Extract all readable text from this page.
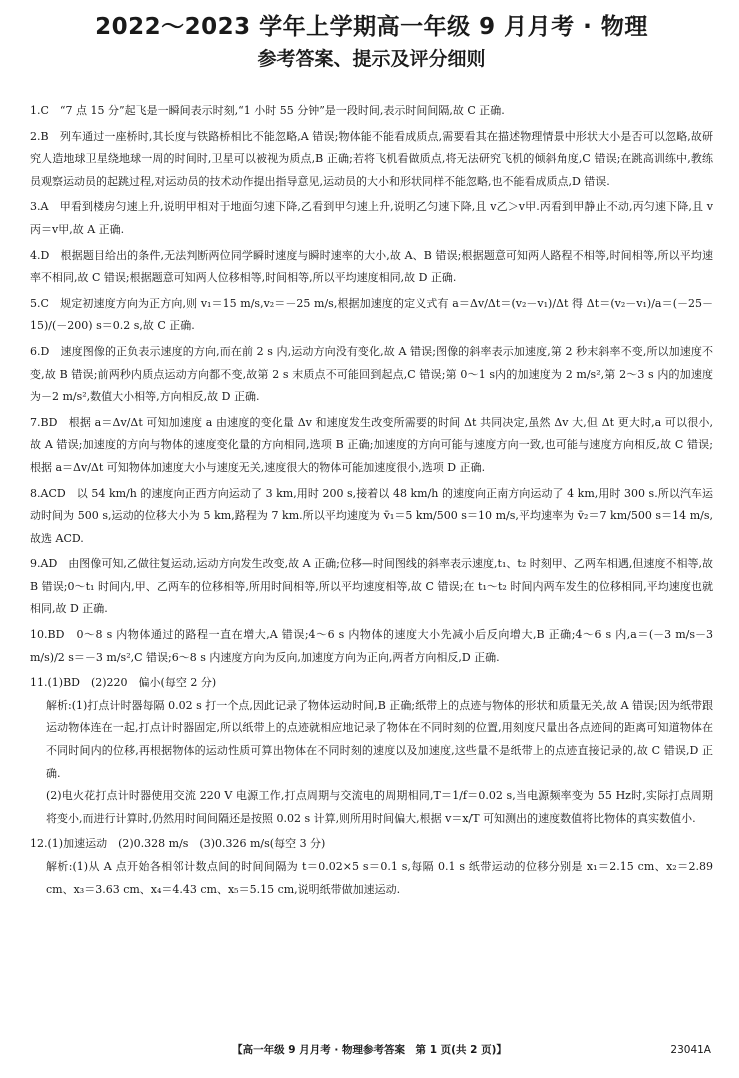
2022～2023 学年上学期高一年级 9 月月考 · 物理
参考答案、提示及评分细则

1.C　“7 点 15 分”起飞是一瞬间表示时刻,“1 小时 55 分钟”是一段时间,表示时间间隔,故 C 正确.

2.B　列车通过一座桥时,其长度与铁路桥相比不能忽略,A 错误;物体能不能看成质点,需要看其在描述物理情景中形状大小是否可以忽略,故研究人造地球卫星绕地球一周的时间时,卫星可以被视为质点,B 正确;若将飞机看做质点,将无法研究飞机的倾斜角度,C 错误;在跳高训练中,教练员观察运动员的起跳过程,对运动员的技术动作提出指导意见,运动员的大小和形状同样不能忽略,也不能看成质点,D 错误.

3.A　甲看到楼房匀速上升,说明甲相对于地面匀速下降,乙看到甲匀速上升,说明乙匀速下降,且 v乙＞v甲.丙看到甲静止不动,丙匀速下降,且 v丙＝v甲,故 A 正确.

4.D　根据题目给出的条件,无法判断两位同学瞬时速度与瞬时速率的大小,故 A、B 错误;根据题意可知两人路程不相等,时间相等,所以平均速率不相同,故 C 错误;根据题意可知两人位移相等,时间相等,所以平均速度相同,故 D 正确.

5.C　规定初速度方向为正方向,则 v₁＝15 m/s,v₂＝－25 m/s,根据加速度的定义式有 a＝Δv/Δt＝(v₂－v₁)/Δt 得 Δt＝(v₂－v₁)/a＝(－25－15)/(－200) s＝0.2 s,故 C 正确.

6.D　速度图像的正负表示速度的方向,而在前 2 s 内,运动方向没有变化,故 A 错误;图像的斜率表示加速度,第 2 秒末斜率不变,所以加速度不变,故 B 错误;前两秒内质点运动方向都不变,故第 2 s 末质点不可能回到起点,C 错误;第 0～1 s内的加速度为 2 m/s²,第 2～3 s 内的加速度为－2 m/s²,数值大小相等,方向相反,故 D 正确.

7.BD　根据 a＝Δv/Δt 可知加速度 a 由速度的变化量 Δv 和速度发生改变所需要的时间 Δt 共同决定,虽然 Δv 大,但 Δt 更大时,a 可以很小,故 A 错误;加速度的方向与物体的速度变化量的方向相同,选项 B 正确;加速度的方向可能与速度方向一致,也可能与速度方向相反,故 C 错误;根据 a＝Δv/Δt 可知物体加速度大小与速度无关,速度很大的物体可能加速度很小,选项 D 正确.

8.ACD　以 54 km/h 的速度向正西方向运动了 3 km,用时 200 s,接着以 48 km/h 的速度向正南方向运动了 4 km,用时 300 s.所以汽车运动时间为 500 s,运动的位移大小为 5 km,路程为 7 km.所以平均速度为 v̄₁＝5 km/500 s＝10 m/s,平均速率为 v̄₂＝7 km/500 s＝14 m/s,故选 ACD.

9.AD　由图像可知,乙做往复运动,运动方向发生改变,故 A 正确;位移—时间图线的斜率表示速度,t₁、t₂ 时刻甲、乙两车相遇,但速度不相等,故 B 错误;0～t₁ 时间内,甲、乙两车的位移相等,所用时间相等,所以平均速度相等,故 C 错误;在 t₁～t₂ 时间内两车发生的位移相同,平均速度也就相同,故 D 正确.

10.BD　0～8 s 内物体通过的路程一直在增大,A 错误;4～6 s 内物体的速度大小先减小后反向增大,B 正确;4～6 s 内,a＝(－3 m/s－3 m/s)/2 s＝－3 m/s²,C 错误;6～8 s 内速度方向为反向,加速度方向为正向,两者方向相反,D 正确.

11.(1)BD　(2)220　偏小(每空 2 分)

解析:(1)打点计时器每隔 0.02 s 打一个点,因此记录了物体运动时间,B 正确;纸带上的点迹与物体的形状和质量无关,故 A 错误;因为纸带跟运动物体连在一起,打点计时器固定,所以纸带上的点迹就相应地记录了物体在不同时刻的位置,用刻度尺量出各点迹间的距离可知道物体在不同时间内的位移,再根据物体的运动性质可算出物体在不同时刻的速度以及加速度,这些量不是纸带上的点迹直接记录的,故 C 错误,D 正确.

(2)电火花打点计时器使用交流 220 V 电源工作,打点周期与交流电的周期相同,T＝1/f＝0.02 s,当电源频率变为 55 Hz时,实际打点周期将变小,而进行计算时,仍然用时间间隔还是按照 0.02 s 计算,则所用时间偏大,根据 v＝x/T 可知测出的速度数值将比物体的真实数值小.

12.(1)加速运动　(2)0.328 m/s　(3)0.326 m/s(每空 3 分)

解析:(1)从 A 点开始各相邻计数点间的时间间隔为 t＝0.02×5 s＝0.1 s,每隔 0.1 s 纸带运动的位移分别是 x₁＝2.15 cm、x₂＝2.89 cm、x₃＝3.63 cm、x₄＝4.43 cm、x₅＝5.15 cm,说明纸带做加速运动.

【高一年级 9 月月考 · 物理参考答案　第 1 页(共 2 页)】	23041A
